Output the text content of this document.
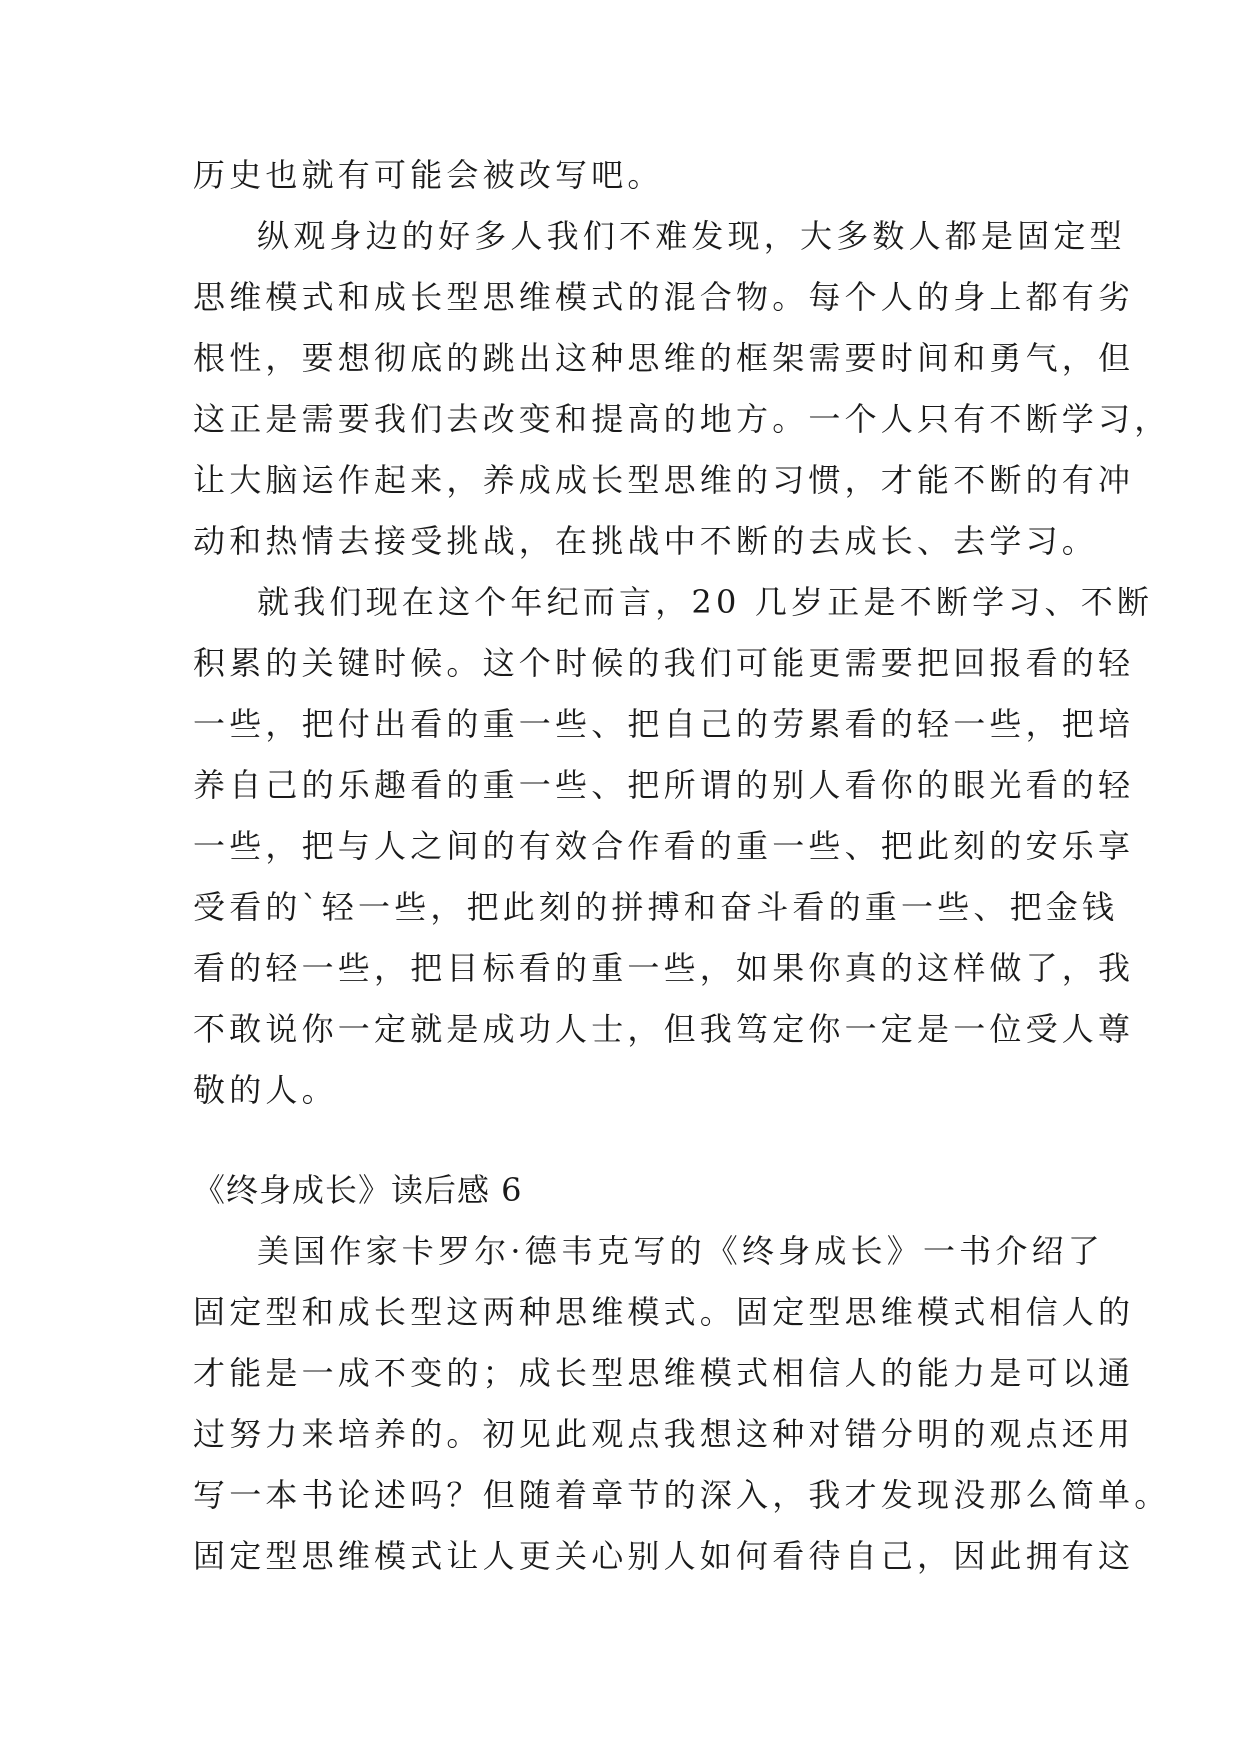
历史也就有可能会被改写吧。
纵观身边的好多人我们不难发现，大多数人都是固定型
思维模式和成长型思维模式的混合物。每个人的身上都有劣
根性，要想彻底的跳出这种思维的框架需要时间和勇气，但
这正是需要我们去改变和提高的地方。一个人只有不断学习，
让大脑运作起来，养成成长型思维的习惯，才能不断的有冲
动和热情去接受挑战，在挑战中不断的去成长、去学习。
就我们现在这个年纪而言，20 几岁正是不断学习、不断
积累的关键时候。这个时候的我们可能更需要把回报看的轻
一些，把付出看的重一些、把自己的劳累看的轻一些，把培
养自己的乐趣看的重一些、把所谓的别人看你的眼光看的轻
一些，把与人之间的有效合作看的重一些、把此刻的安乐享
受看的`轻一些，把此刻的拼搏和奋斗看的重一些、把金钱
看的轻一些，把目标看的重一些，如果你真的这样做了，我
不敢说你一定就是成功人士，但我笃定你一定是一位受人尊
敬的人。
《终身成长》读后感 6
美国作家卡罗尔·德韦克写的《终身成长》一书介绍了
固定型和成长型这两种思维模式。固定型思维模式相信人的
才能是一成不变的；成长型思维模式相信人的能力是可以通
过努力来培养的。初见此观点我想这种对错分明的观点还用
写一本书论述吗？但随着章节的深入，我才发现没那么简单。
固定型思维模式让人更关心别人如何看待自己，因此拥有这
